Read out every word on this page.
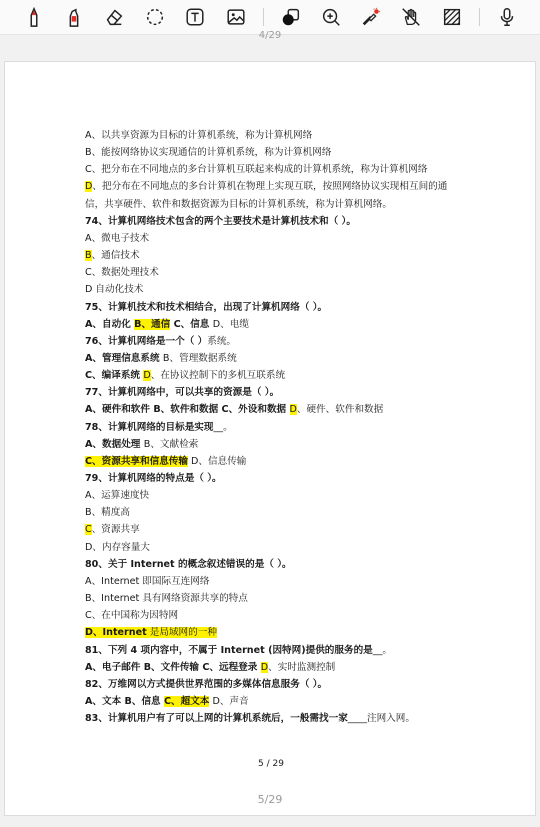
4/29
A、以共享资源为目标的计算机系统，称为计算机网络
B、能按网络协议实现通信的计算机系统，称为计算机网络
C、把分布在不同地点的多台计算机互联起来构成的计算机系统，称为计算机网络
D、把分布在不同地点的多台计算机在物理上实现互联，按照网络协议实现相互间的通
信，共享硬件、软件和数据资源为目标的计算机系统，称为计算机网络。
74、计算机网络技术包含的两个主要技术是计算机技术和（ ）。
A、微电子技术
B、通信技术
C、数据处理技术
D 自动化技术
75、计算机技术和技术相结合，出现了计算机网络（ ）。
A、自动化 B、通信 C、信息 D、电缆
76、计算机网络是一个（ ）系统。
A、管理信息系统 B、管理数据系统
C、编译系统 D、在协议控制下的多机互联系统
77、计算机网络中，可以共享的资源是（ ）。
A、硬件和软件 B、软件和数据 C、外设和数据 D、硬件、软件和数据
78、计算机网络的目标是实现__。
A、数据处理 B、文献检索
C、资源共享和信息传输 D、信息传输
79、计算机网络的特点是（ ）。
A、运算速度快
B、精度高
C、资源共享
D、内存容量大
80、关于 Internet 的概念叙述错误的是（ ）。
A、Internet 即国际互连网络
B、Internet 具有网络资源共享的特点
C、在中国称为因特网
D、Internet 是局域网的一种
81、下列 4 项内容中，不属于 Internet (因特网)提供的服务的是__。
A、电子邮件 B、文件传输 C、远程登录 D、实时监测控制
82、万维网以方式提供世界范围的多媒体信息服务（ ）。
A、文本 B、信息 C、超文本 D、声音
83、计算机用户有了可以上网的计算机系统后，一般需找一家____注网入网。
5 / 29
5/29
